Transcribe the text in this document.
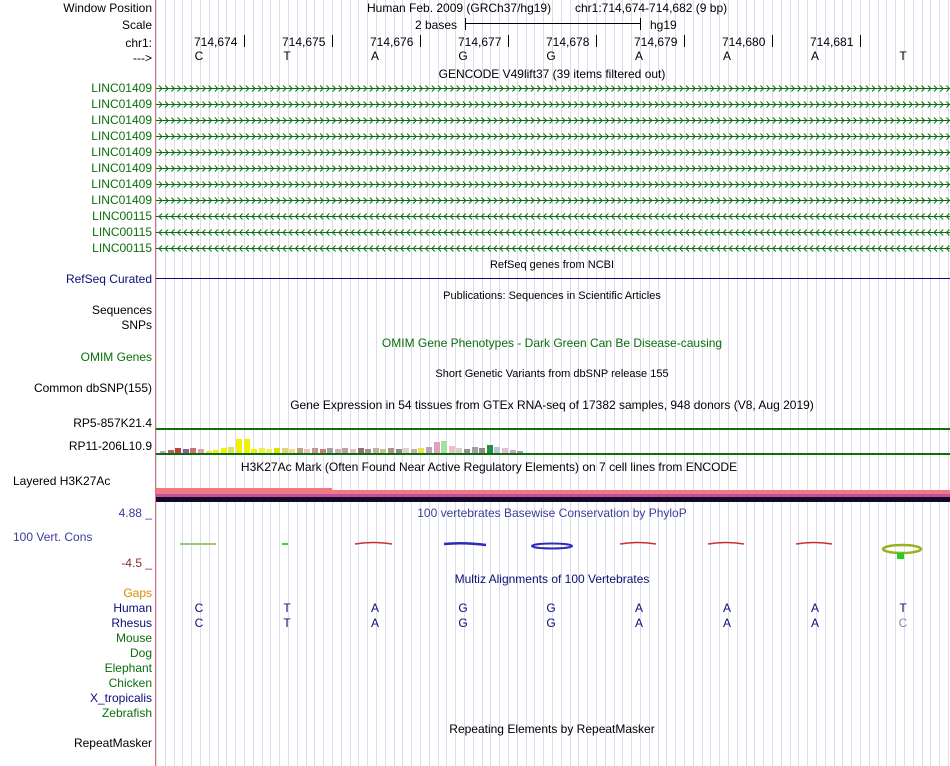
Window Position
Scale
chr1:
--->
LINC01409
LINC01409
LINC01409
LINC01409
LINC01409
LINC01409
LINC01409
LINC01409
LINC00115
LINC00115
LINC00115
RefSeq Curated
Sequences
SNPs
OMIM Genes
Common dbSNP(155)
RP5-857K21.4
RP11-206L10.9
Layered H3K27Ac
4.88 _
100 Vert. Cons
-4.5 _
Gaps
Human
Rhesus
Mouse
Dog
Elephant
Chicken
X_tropicalis
Zebrafish
RepeatMasker
Human Feb. 2009 (GRCh37/hg19) chr1:714,674-714,682 (9 bp)
2 bases	hg19
714,674	714,675	714,676	714,677	714,678	714,679	714,680	714,681
C	T	A	G	G	A	A	A	T
GENCODE V49lift37 (39 items filtered out)
RefSeq genes from NCBI
Publications: Sequences in Scientific Articles
OMIM Gene Phenotypes - Dark Green Can Be Disease-causing
Short Genetic Variants from dbSNP release 155
Gene Expression in 54 tissues from GTEx RNA-seq of 17382 samples, 948 donors (V8, Aug 2019)
H3K27Ac Mark (Often Found Near Active Regulatory Elements) on 7 cell lines from ENCODE
100 vertebrates Basewise Conservation by PhyloP
Multiz Alignments of 100 Vertebrates
C	T	A	G	G	A	A	A	T
C	T	A	G	G	A	A	A	C
Repeating Elements by RepeatMasker
